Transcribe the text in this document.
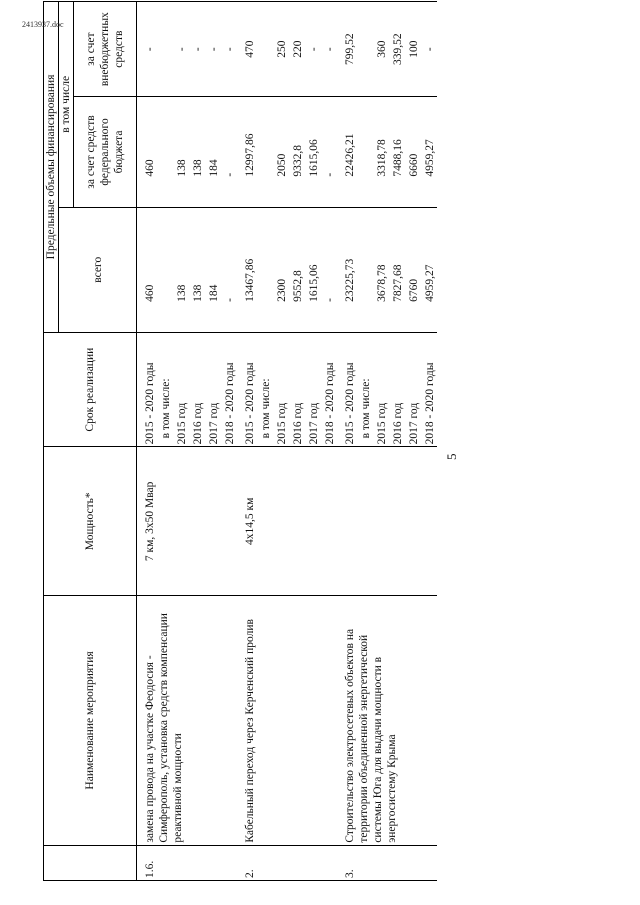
5
	Наименование мероприятия	Мощность*	Срок реализации	Предельные объемы финансирования		
				всего	в том числе	
					за счет средств федерального бюджета	за счет внебюджетных средств
1.6.	замена провода на участке Феодосия - Симферополь, установка средств компенсации реактивной мощности	7 км, 3х50 Мвар	2015 - 2020 годы	460	460	-
			в том числе:			
			2015 год	138	138	-
			2016 год	138	138	-
			2017 год	184	184	-
			2018 - 2020 годы	-	-	-
2.	Кабельный переход через Керченский пролив	4х14,5 км	2015 - 2020 годы	13467,86	12997,86	470
			в том числе:			
			2015 год	2300	2050	250
			2016 год	9552,8	9332,8	220
			2017 год	1615,06	1615,06	-
			2018 - 2020 годы	-	-	-
3.	Строительство электросетевых объектов на территории объединенной энергетической системы Юга для выдачи мощности в энергосистему Крыма		2015 - 2020 годы	23225,73	22426,21	799,52
			в том числе:			
			2015 год	3678,78	3318,78	360
			2016 год	7827,68	7488,16	339,52
			2017 год	6760	6660	100
			2018 - 2020 годы	4959,27	4959,27	-
2413937.doc
